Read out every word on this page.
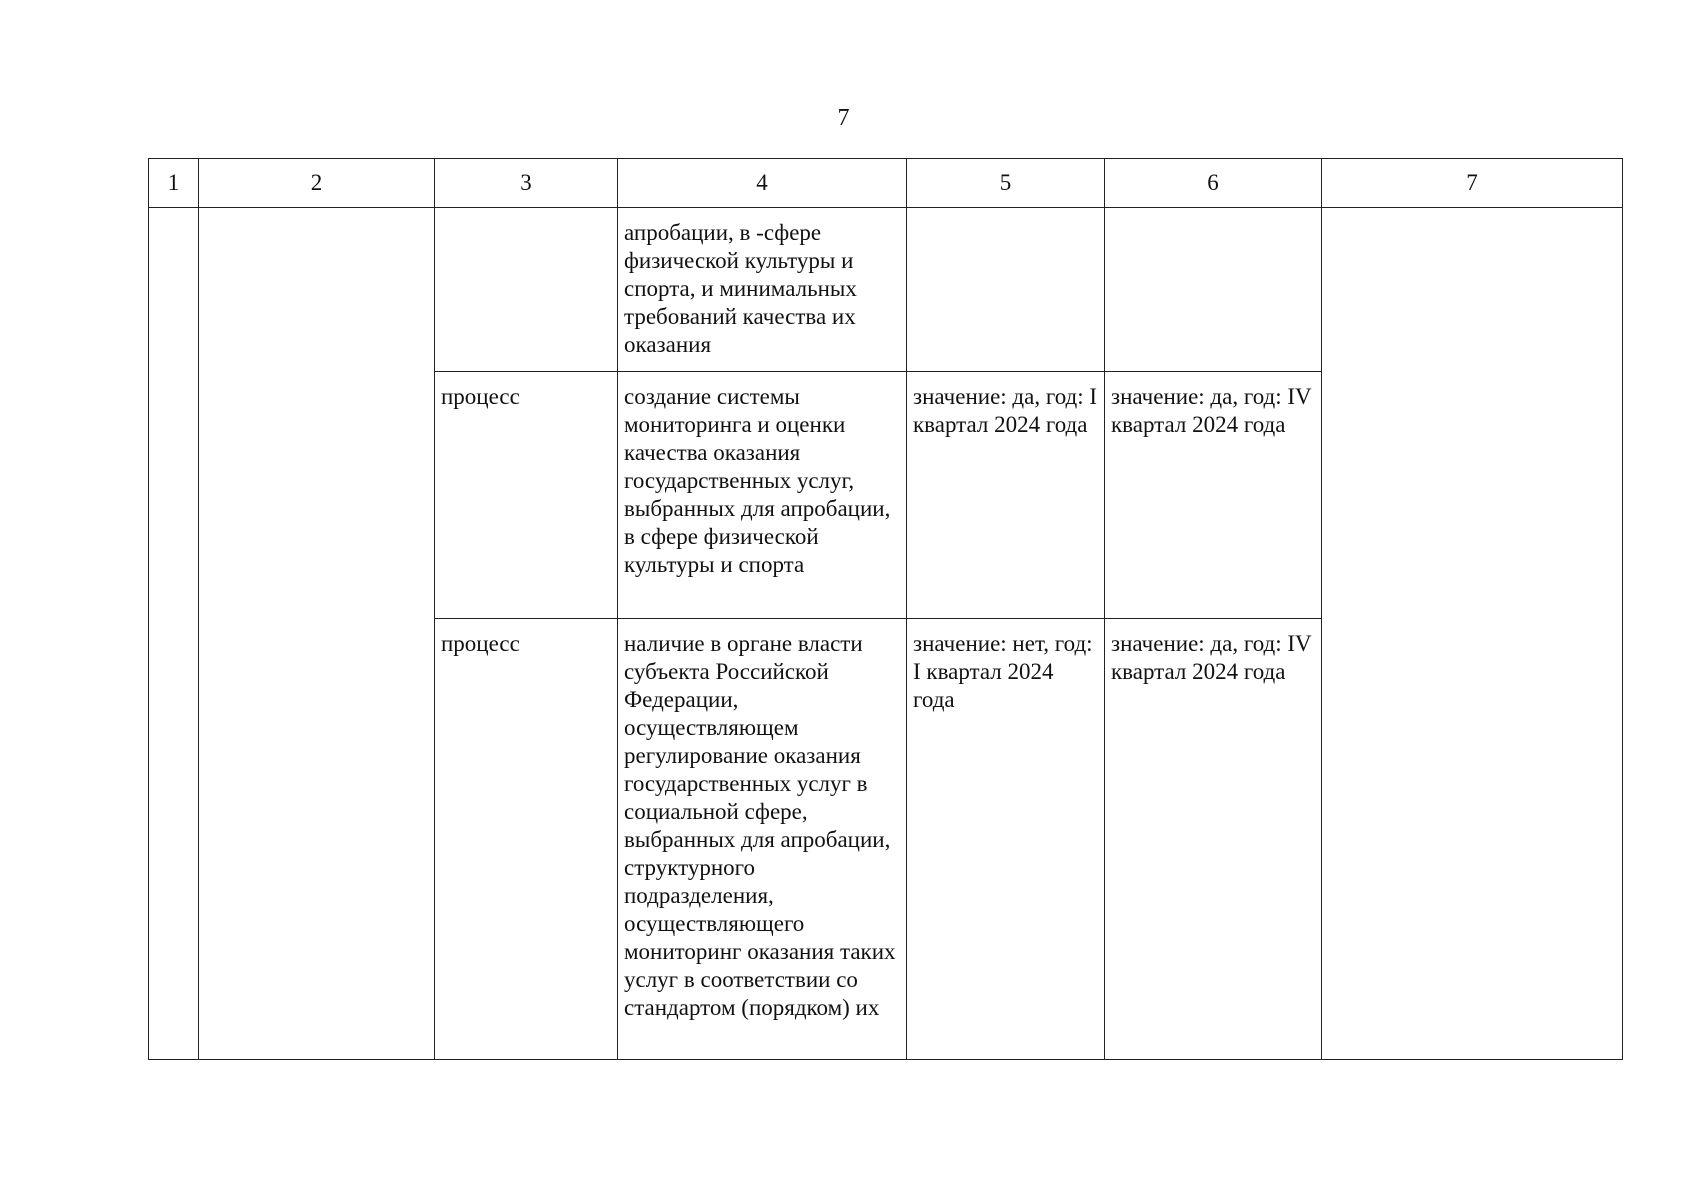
7
1	2	3	4	5	6	7

			апробации, в -сфере физической культуры и спорта, и минимальных требований качества их оказания			

		процесс	создание системы мониторинга и оценки качества оказания государственных услуг, выбранных для апробации, в сфере физической культуры и спорта	значение: да, год: I квартал 2024 года	значение: да, год: IV квартал 2024 года	

		процесс	наличие в органе власти субъекта Российской Федерации, осуществляющем регулирование оказания государственных услуг в социальной сфере, выбранных для апробации, структурного подразделения, осуществляющего мониторинг оказания таких услуг в соответствии со стандартом (порядком) их	значение: нет, год: I квартал 2024 года	значение: да, год: IV квартал 2024 года	
